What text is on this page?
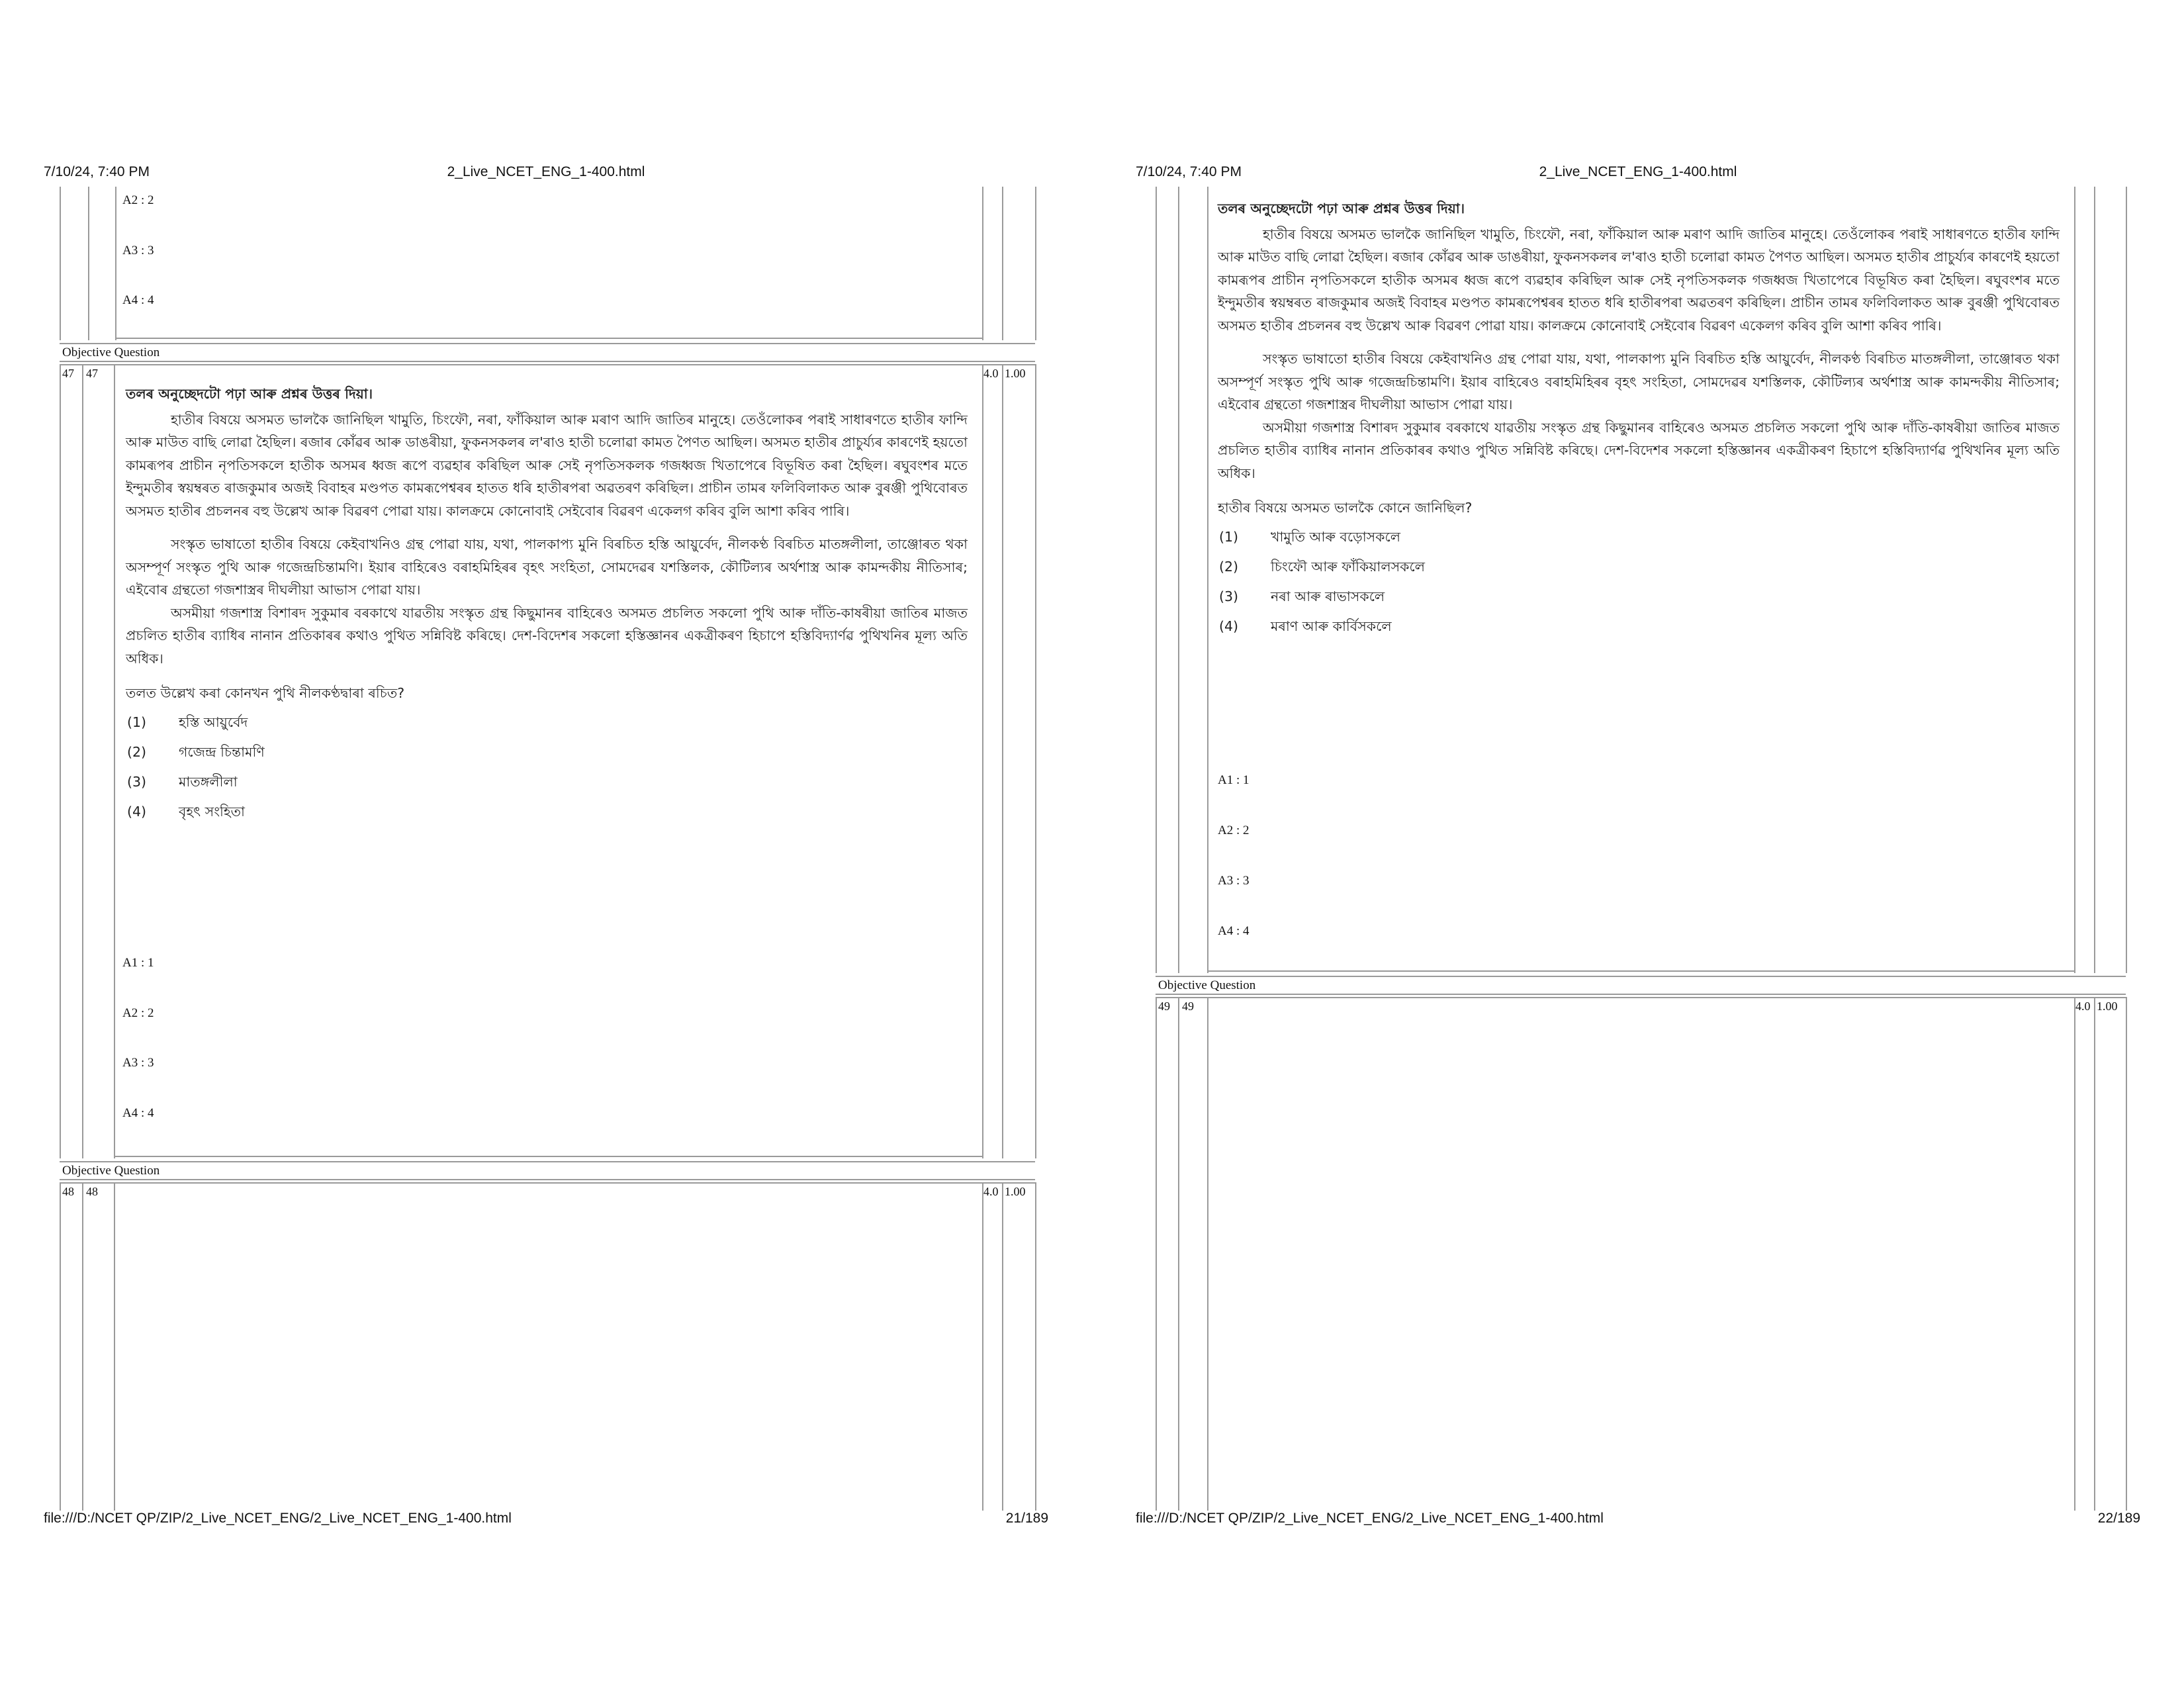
7/10/24, 7:40 PM	2_Live_NCET_ENG_1-400.html
A2 : 2
A3 : 3
A4 : 4
Objective Question
47 47	4.0 1.00

তলৰ অনুচ্ছেদটো পঢ়া আৰু প্ৰশ্নৰ উত্তৰ দিয়া।

হাতীৰ বিষয়ে অসমত ভালকৈ জানিছিল খামুতি, চিংফৌ, নৰা, ফাঁকিয়াল আৰু মৰাণ আদি জাতিৰ মানুহে। তেওঁলোকৰ পৰাই সাধাৰণতে হাতীৰ ফান্দি আৰু মাউত বাছি লোৱা হৈছিল। ৰজাৰ কোঁৱৰ আৰু ডাঙৰীয়া, ফুকনসকলৰ ল'ৰাও হাতী চলোৱা কামত পৈণত আছিল। অসমত হাতীৰ প্ৰাচুৰ্য্যৰ কাৰণেই হয়তো কামৰূপৰ প্ৰাচীন নৃপতিসকলে হাতীক অসমৰ ধ্বজ ৰূপে ব্যৱহাৰ কৰিছিল আৰু সেই নৃপতিসকলক গজধ্বজ খিতাপেৰে বিভূষিত কৰা হৈছিল। ৰঘুবংশৰ মতে ইন্দুমতীৰ স্বয়ম্বৰত ৰাজকুমাৰ অজই বিবাহৰ মণ্ডপত কামৰূপেশ্বৰৰ হাতত ধৰি হাতীৰপৰা অৱতৰণ কৰিছিল। প্ৰাচীন তামৰ ফলিবিলাকত আৰু বুৰঞ্জী পুথিবোৰত অসমত হাতীৰ প্ৰচলনৰ বহু উল্লেখ আৰু বিৱৰণ পোৱা যায়। কালক্ৰমে কোনোবাই সেইবোৰ বিৱৰণ একেলগ কৰিব বুলি আশা কৰিব পাৰি।

সংস্কৃত ভাষাতো হাতীৰ বিষয়ে কেইবাখনিও গ্ৰন্থ পোৱা যায়, যথা, পালকাপ্য মুনি বিৰচিত হস্তি আয়ুৰ্বেদ, নীলকণ্ঠ বিৰচিত মাতঙ্গলীলা, তাঞ্জোৰত থকা অসম্পূৰ্ণ সংস্কৃত পুথি আৰু গজেন্দ্ৰচিন্তামণি। ইয়াৰ বাহিৰেও বৰাহমিহিৰৰ বৃহৎ সংহিতা, সোমদেৱৰ যশস্তিলক, কৌটিল্যৰ অৰ্থশাস্ত্ৰ আৰু কামন্দকীয় নীতিসাৰ; এইবোৰ গ্ৰন্থতো গজশাস্ত্ৰৰ দীঘলীয়া আভাস পোৱা যায়।

অসমীয়া গজশাস্ত্ৰ বিশাৰদ সুকুমাৰ বৰকাথে যাৱতীয় সংস্কৃত গ্ৰন্থ কিছুমানৰ বাহিৰেও অসমত প্ৰচলিত সকলো পুথি আৰু দাঁতি-কাষৰীয়া জাতিৰ মাজত প্ৰচলিত হাতীৰ ব্যাধিৰ নানান প্ৰতিকাৰৰ কথাও পুথিত সন্নিবিষ্ট কৰিছে। দেশ-বিদেশৰ সকলো হস্তিজ্ঞানৰ একত্ৰীকৰণ হিচাপে হস্তিবিদ্যাৰ্ণৱ পুথিখনিৰ মূল্য অতি অধিক।

তলত উল্লেখ কৰা কোনখন পুথি নীলকণ্ঠদ্বাৰা ৰচিত?

(1)	হস্তি আয়ুৰ্বেদ
(2)	গজেন্দ্ৰ চিন্তামণি
(3)	মাতঙ্গলীলা
(4)	বৃহৎ সংহিতা
A1 : 1
A2 : 2
A3 : 3
A4 : 4
Objective Question
48 48	4.0 1.00
file:///D:/NCET QP/ZIP/2_Live_NCET_ENG/2_Live_NCET_ENG_1-400.html	21/189
7/10/24, 7:40 PM	2_Live_NCET_ENG_1-400.html

তলৰ অনুচ্ছেদটো পঢ়া আৰু প্ৰশ্নৰ উত্তৰ দিয়া।

হাতীৰ বিষয়ে অসমত ভালকৈ জানিছিল খামুতি, চিংফৌ, নৰা, ফাঁকিয়াল আৰু মৰাণ আদি জাতিৰ মানুহে। তেওঁলোকৰ পৰাই সাধাৰণতে হাতীৰ ফান্দি আৰু মাউত বাছি লোৱা হৈছিল। ৰজাৰ কোঁৱৰ আৰু ডাঙৰীয়া, ফুকনসকলৰ ল'ৰাও হাতী চলোৱা কামত পৈণত আছিল। অসমত হাতীৰ প্ৰাচুৰ্য্যৰ কাৰণেই হয়তো কামৰূপৰ প্ৰাচীন নৃপতিসকলে হাতীক অসমৰ ধ্বজ ৰূপে ব্যৱহাৰ কৰিছিল আৰু সেই নৃপতিসকলক গজধ্বজ খিতাপেৰে বিভূষিত কৰা হৈছিল। ৰঘুবংশৰ মতে ইন্দুমতীৰ স্বয়ম্বৰত ৰাজকুমাৰ অজই বিবাহৰ মণ্ডপত কামৰূপেশ্বৰৰ হাতত ধৰি হাতীৰপৰা অৱতৰণ কৰিছিল। প্ৰাচীন তামৰ ফলিবিলাকত আৰু বুৰঞ্জী পুথিবোৰত অসমত হাতীৰ প্ৰচলনৰ বহু উল্লেখ আৰু বিৱৰণ পোৱা যায়। কালক্ৰমে কোনোবাই সেইবোৰ বিৱৰণ একেলগ কৰিব বুলি আশা কৰিব পাৰি।

সংস্কৃত ভাষাতো হাতীৰ বিষয়ে কেইবাখনিও গ্ৰন্থ পোৱা যায়, যথা, পালকাপ্য মুনি বিৰচিত হস্তি আয়ুৰ্বেদ, নীলকণ্ঠ বিৰচিত মাতঙ্গলীলা, তাঞ্জোৰত থকা অসম্পূৰ্ণ সংস্কৃত পুথি আৰু গজেন্দ্ৰচিন্তামণি। ইয়াৰ বাহিৰেও বৰাহমিহিৰৰ বৃহৎ সংহিতা, সোমদেৱৰ যশস্তিলক, কৌটিল্যৰ অৰ্থশাস্ত্ৰ আৰু কামন্দকীয় নীতিসাৰ; এইবোৰ গ্ৰন্থতো গজশাস্ত্ৰৰ দীঘলীয়া আভাস পোৱা যায়।

অসমীয়া গজশাস্ত্ৰ বিশাৰদ সুকুমাৰ বৰকাথে যাৱতীয় সংস্কৃত গ্ৰন্থ কিছুমানৰ বাহিৰেও অসমত প্ৰচলিত সকলো পুথি আৰু দাঁতি-কাষৰীয়া জাতিৰ মাজত প্ৰচলিত হাতীৰ ব্যাধিৰ নানান প্ৰতিকাৰৰ কথাও পুথিত সন্নিবিষ্ট কৰিছে। দেশ-বিদেশৰ সকলো হস্তিজ্ঞানৰ একত্ৰীকৰণ হিচাপে হস্তিবিদ্যাৰ্ণৱ পুথিখনিৰ মূল্য অতি অধিক।

হাতীৰ বিষয়ে অসমত ভালকৈ কোনে জানিছিল?

(1)	খামুতি আৰু বড়োসকলে
(2)	চিংফৌ আৰু ফাঁকিয়ালসকলে
(3)	নৰা আৰু ৰাভাসকলে
(4)	মৰাণ আৰু কাৰ্বিসকলে
A1 : 1
A2 : 2
A3 : 3
A4 : 4
Objective Question
49 49	4.0 1.00
file:///D:/NCET QP/ZIP/2_Live_NCET_ENG/2_Live_NCET_ENG_1-400.html	22/189
